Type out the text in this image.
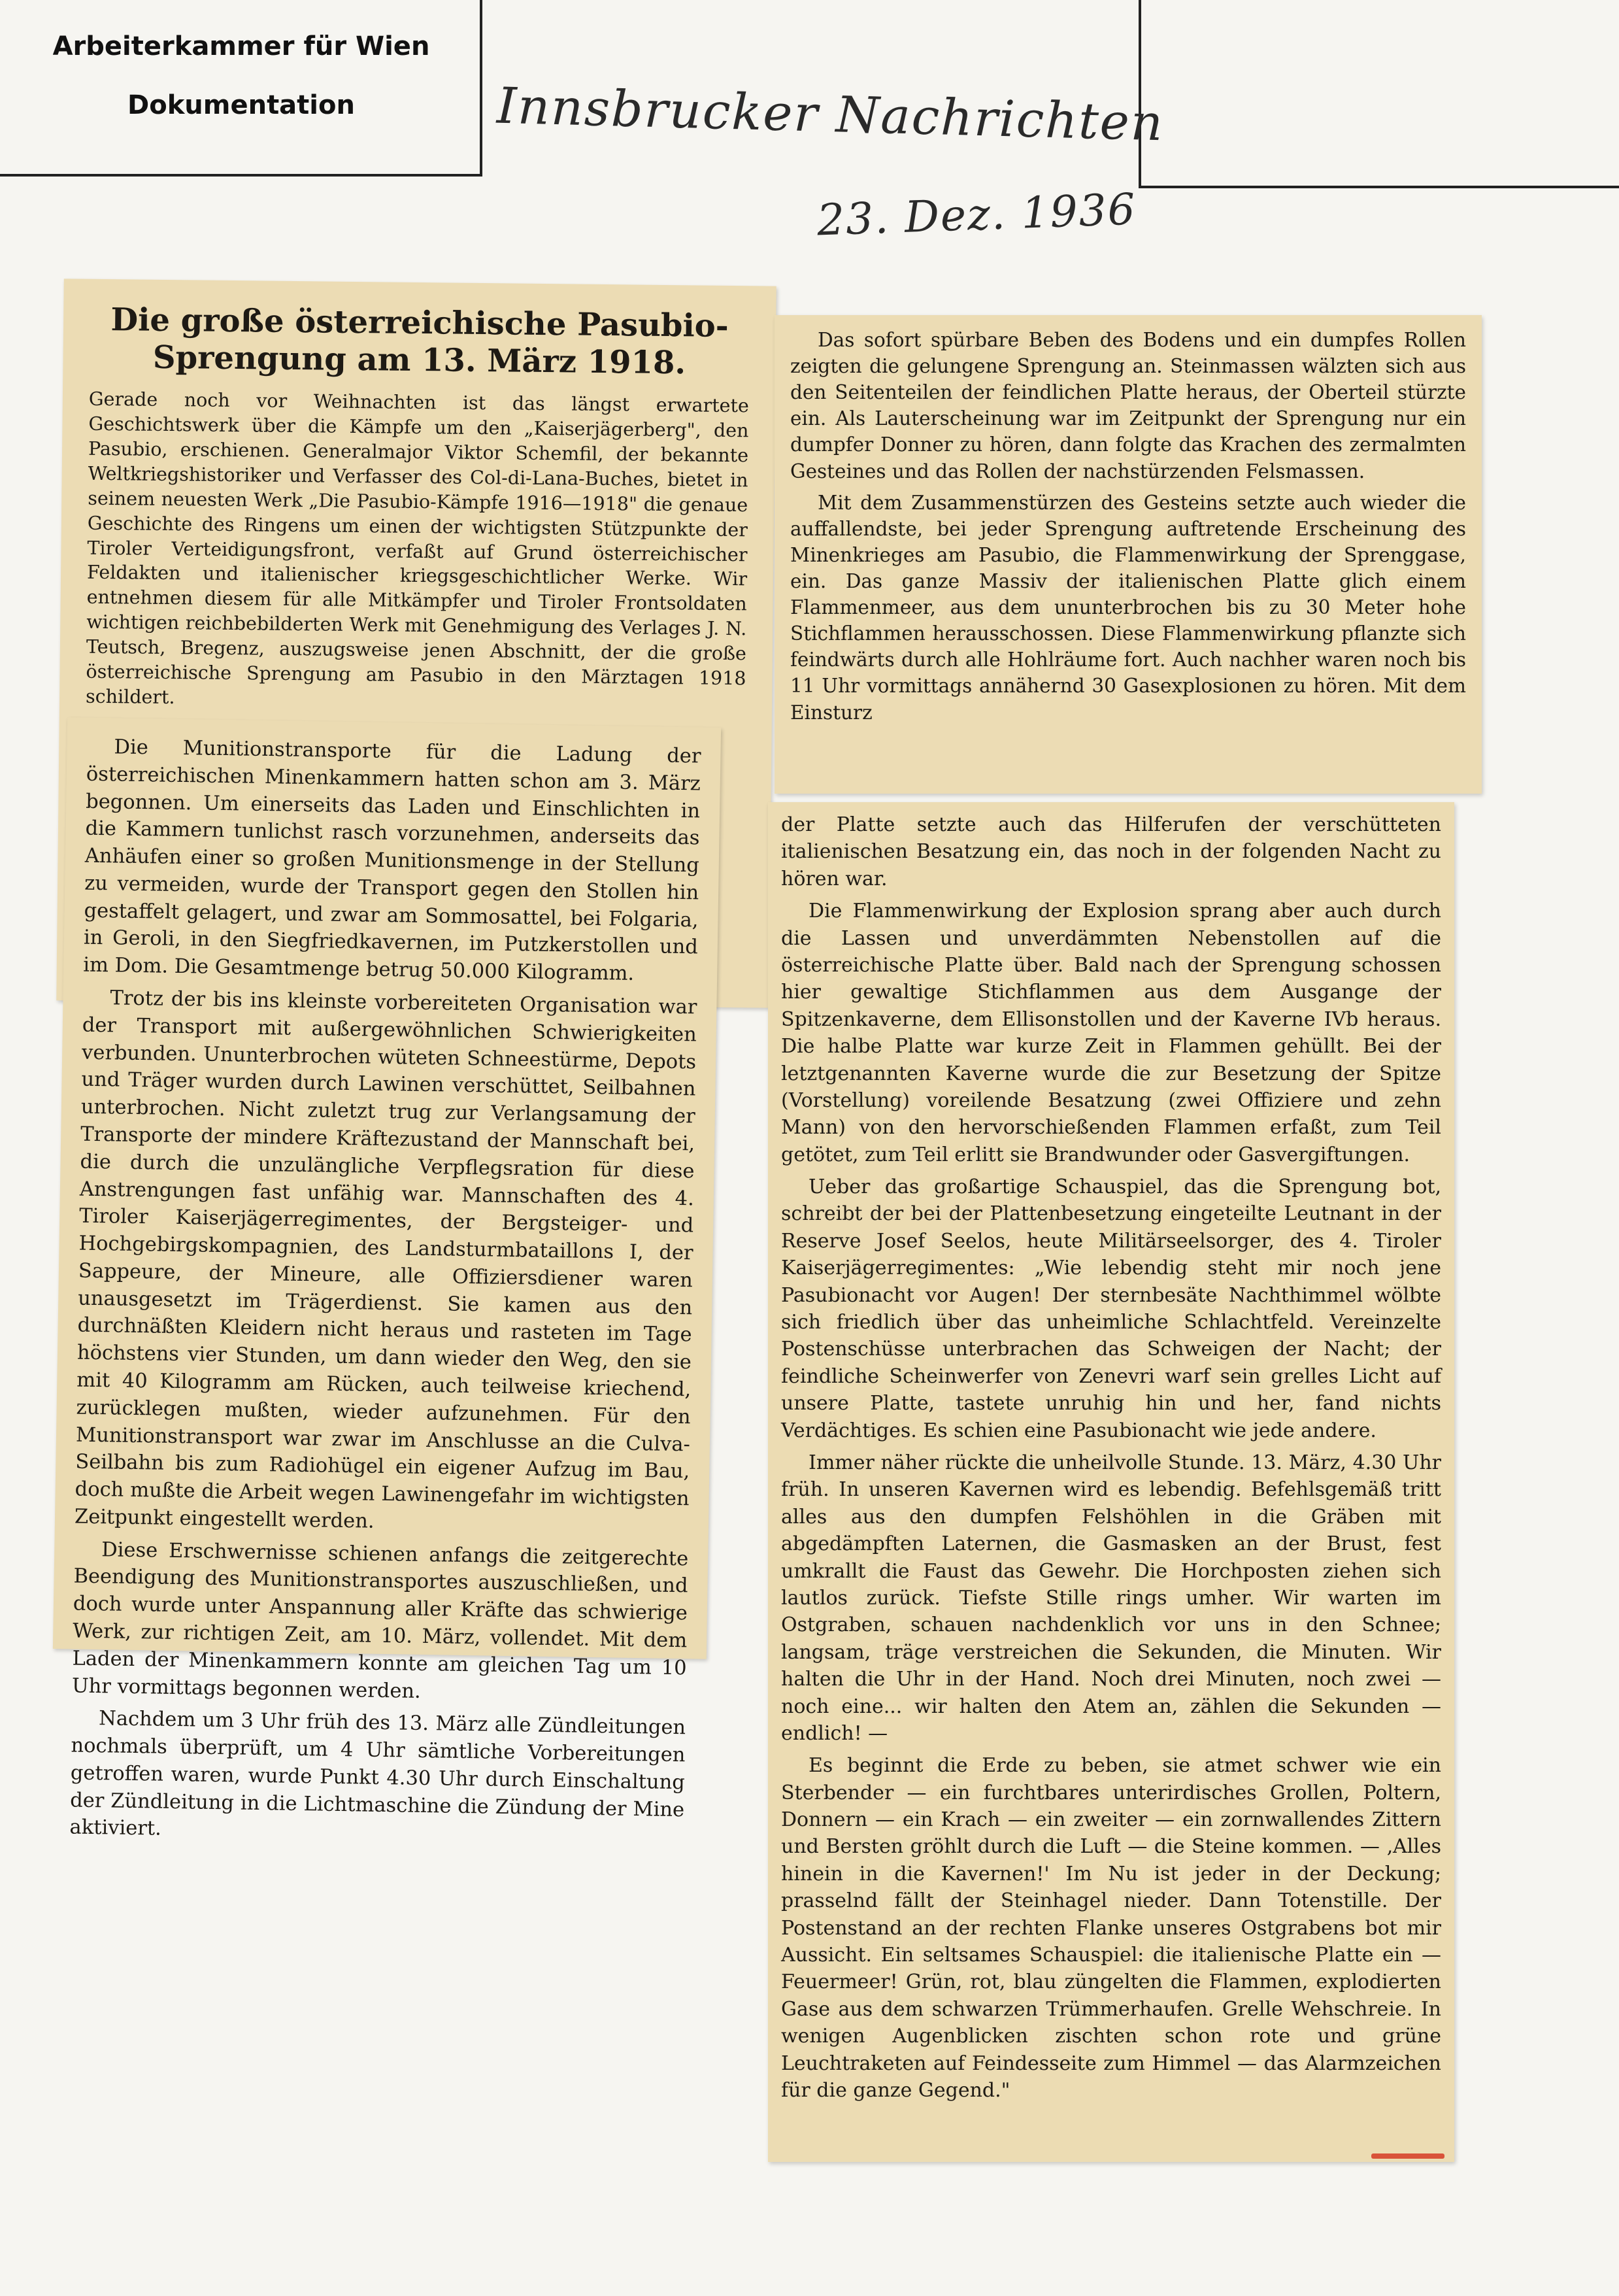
Arbeiterkammer für Wien
Dokumentation	Innsbrucker Nachrichten
23. Dez. 1936
Die große österreichische Pasubio-Sprengung am 13. März 1918.
Gerade noch vor Weihnachten ist das längst erwartete Geschichtswerk über die Kämpfe um den „Kaiserjägerberg", den Pasubio, erschienen. Generalmajor Viktor Schemfil, der bekannte Weltkriegshistoriker und Verfasser des Col-di-Lana-Buches, bietet in seinem neuesten Werk „Die Pasubio-Kämpfe 1916—1918" die genaue Geschichte des Ringens um einen der wichtigsten Stützpunkte der Tiroler Verteidigungsfront, verfaßt auf Grund österreichischer Feldakten und italienischer kriegsgeschichtlicher Werke. Wir entnehmen diesem für alle Mitkämpfer und Tiroler Frontsoldaten wichtigen reichbebilderten Werk mit Genehmigung des Verlages J. N. Teutsch, Bregenz, auszugsweise jenen Abschnitt, der die große österreichische Sprengung am Pasubio in den Märztagen 1918 schildert.

Die Munitionstransporte für die Ladung der österreichischen Minenkammern hatten schon am 3. März begonnen. Um einerseits das Laden und Einschlichten in die Kammern tunlichst rasch vorzunehmen, anderseits das Anhäufen einer so großen Munitionsmenge in der Stellung zu vermeiden, wurde der Transport gegen den Stollen hin gestaffelt gelagert, und zwar am Sommosattel, bei Folgaria, in Geroli, in den Siegfriedkavernen, im Putzkerstollen und im Dom. Die Gesamtmenge betrug 50.000 Kilogramm.

Trotz der bis ins kleinste vorbereiteten Organisation war der Transport mit außergewöhnlichen Schwierigkeiten verbunden. Ununterbrochen wüteten Schneestürme, Depots und Träger wurden durch Lawinen verschüttet, Seilbahnen unterbrochen. Nicht zuletzt trug zur Verlangsamung der Transporte der mindere Kräftezustand der Mannschaft bei, die durch die unzulängliche Verpflegsration für diese Anstrengungen fast unfähig war. Mannschaften des 4. Tiroler Kaiserjägerregimentes, der Bergsteiger- und Hochgebirgskompagnien, des Landsturmbataillons I, der Sappeure, der Mineure, alle Offiziersdiener waren unausgesetzt im Trägerdienst. Sie kamen aus den durchnäßten Kleidern nicht heraus und rasteten im Tage höchstens vier Stunden, um dann wieder den Weg, den sie mit 40 Kilogramm am Rücken, auch teilweise kriechend, zurücklegen mußten, wieder aufzunehmen. Für den Munitionstransport war zwar im Anschlusse an die Culva-Seilbahn bis zum Radiohügel ein eigener Aufzug im Bau, doch mußte die Arbeit wegen Lawinengefahr im wichtigsten Zeitpunkt eingestellt werden.

Diese Erschwernisse schienen anfangs die zeitgerechte Beendigung des Munitionstransportes auszuschließen, und doch wurde unter Anspannung aller Kräfte das schwierige Werk, zur richtigen Zeit, am 10. März, vollendet. Mit dem Laden der Minenkammern konnte am gleichen Tag um 10 Uhr vormittags begonnen werden.

Nachdem um 3 Uhr früh des 13. März alle Zündleitungen nochmals überprüft, um 4 Uhr sämtliche Vorbereitungen getroffen waren, wurde Punkt 4.30 Uhr durch Einschaltung der Zündleitung in die Lichtmaschine die Zündung der Mine aktiviert.

Das sofort spürbare Beben des Bodens und ein dumpfes Rollen zeigten die gelungene Sprengung an. Steinmassen wälzten sich aus den Seitenteilen der feindlichen Platte heraus, der Oberteil stürzte ein. Als Lauterscheinung war im Zeitpunkt der Sprengung nur ein dumpfer Donner zu hören, dann folgte das Krachen des zermalmten Gesteines und das Rollen der nachstürzenden Felsmassen.

Mit dem Zusammenstürzen des Gesteins setzte auch wieder die auffallendste, bei jeder Sprengung auftretende Erscheinung des Minenkrieges am Pasubio, die Flammenwirkung der Sprenggase, ein. Das ganze Massiv der italienischen Platte glich einem Flammenmeer, aus dem ununterbrochen bis zu 30 Meter hohe Stichflammen herausschossen. Diese Flammenwirkung pflanzte sich feindwärts durch alle Hohlräume fort. Auch nachher waren noch bis 11 Uhr vormittags annähernd 30 Gasexplosionen zu hören. Mit dem Einsturz

der Platte setzte auch das Hilferufen der verschütteten italienischen Besatzung ein, das noch in der folgenden Nacht zu hören war.

Die Flammenwirkung der Explosion sprang aber auch durch die Lassen und unverdämmten Nebenstollen auf die österreichische Platte über. Bald nach der Sprengung schossen hier gewaltige Stichflammen aus dem Ausgange der Spitzenkaverne, dem Ellisonstollen und der Kaverne IVb heraus. Die halbe Platte war kurze Zeit in Flammen gehüllt. Bei der letztgenannten Kaverne wurde die zur Besetzung der Spitze (Vorstellung) voreilende Besatzung (zwei Offiziere und zehn Mann) von den hervorschießenden Flammen erfaßt, zum Teil getötet, zum Teil erlitt sie Brandwunder oder Gasvergiftungen.

Ueber das großartige Schauspiel, das die Sprengung bot, schreibt der bei der Plattenbesetzung eingeteilte Leutnant in der Reserve Josef Seelos, heute Militärseelsorger, des 4. Tiroler Kaiserjägerregimentes: „Wie lebendig steht mir noch jene Pasubionacht vor Augen! Der sternbesäte Nachthimmel wölbte sich friedlich über das unheimliche Schlachtfeld. Vereinzelte Postenschüsse unterbrachen das Schweigen der Nacht; der feindliche Scheinwerfer von Zenevri warf sein grelles Licht auf unsere Platte, tastete unruhig hin und her, fand nichts Verdächtiges. Es schien eine Pasubionacht wie jede andere.

Immer näher rückte die unheilvolle Stunde. 13. März, 4.30 Uhr früh. In unseren Kavernen wird es lebendig. Befehlsgemäß tritt alles aus den dumpfen Felshöhlen in die Gräben mit abgedämpften Laternen, die Gasmasken an der Brust, fest umkrallt die Faust das Gewehr. Die Horchposten ziehen sich lautlos zurück. Tiefste Stille rings umher. Wir warten im Ostgraben, schauen nachdenklich vor uns in den Schnee; langsam, träge verstreichen die Sekunden, die Minuten. Wir halten die Uhr in der Hand. Noch drei Minuten, noch zwei — noch eine... wir halten den Atem an, zählen die Sekunden — endlich! —

Es beginnt die Erde zu beben, sie atmet schwer wie ein Sterbender — ein furchtbares unterirdisches Grollen, Poltern, Donnern — ein Krach — ein zweiter — ein zornwallendes Zittern und Bersten gröhlt durch die Luft — die Steine kommen. — ‚Alles hinein in die Kavernen!' Im Nu ist jeder in der Deckung; prasselnd fällt der Steinhagel nieder. Dann Totenstille. Der Postenstand an der rechten Flanke unseres Ostgrabens bot mir Aussicht. Ein seltsames Schauspiel: die italienische Platte ein — Feuermeer! Grün, rot, blau züngelten die Flammen, explodierten Gase aus dem schwarzen Trümmerhaufen. Grelle Wehschreie. In wenigen Augenblicken zischten schon rote und grüne Leuchtraketen auf Feindesseite zum Himmel — das Alarmzeichen für die ganze Gegend."
